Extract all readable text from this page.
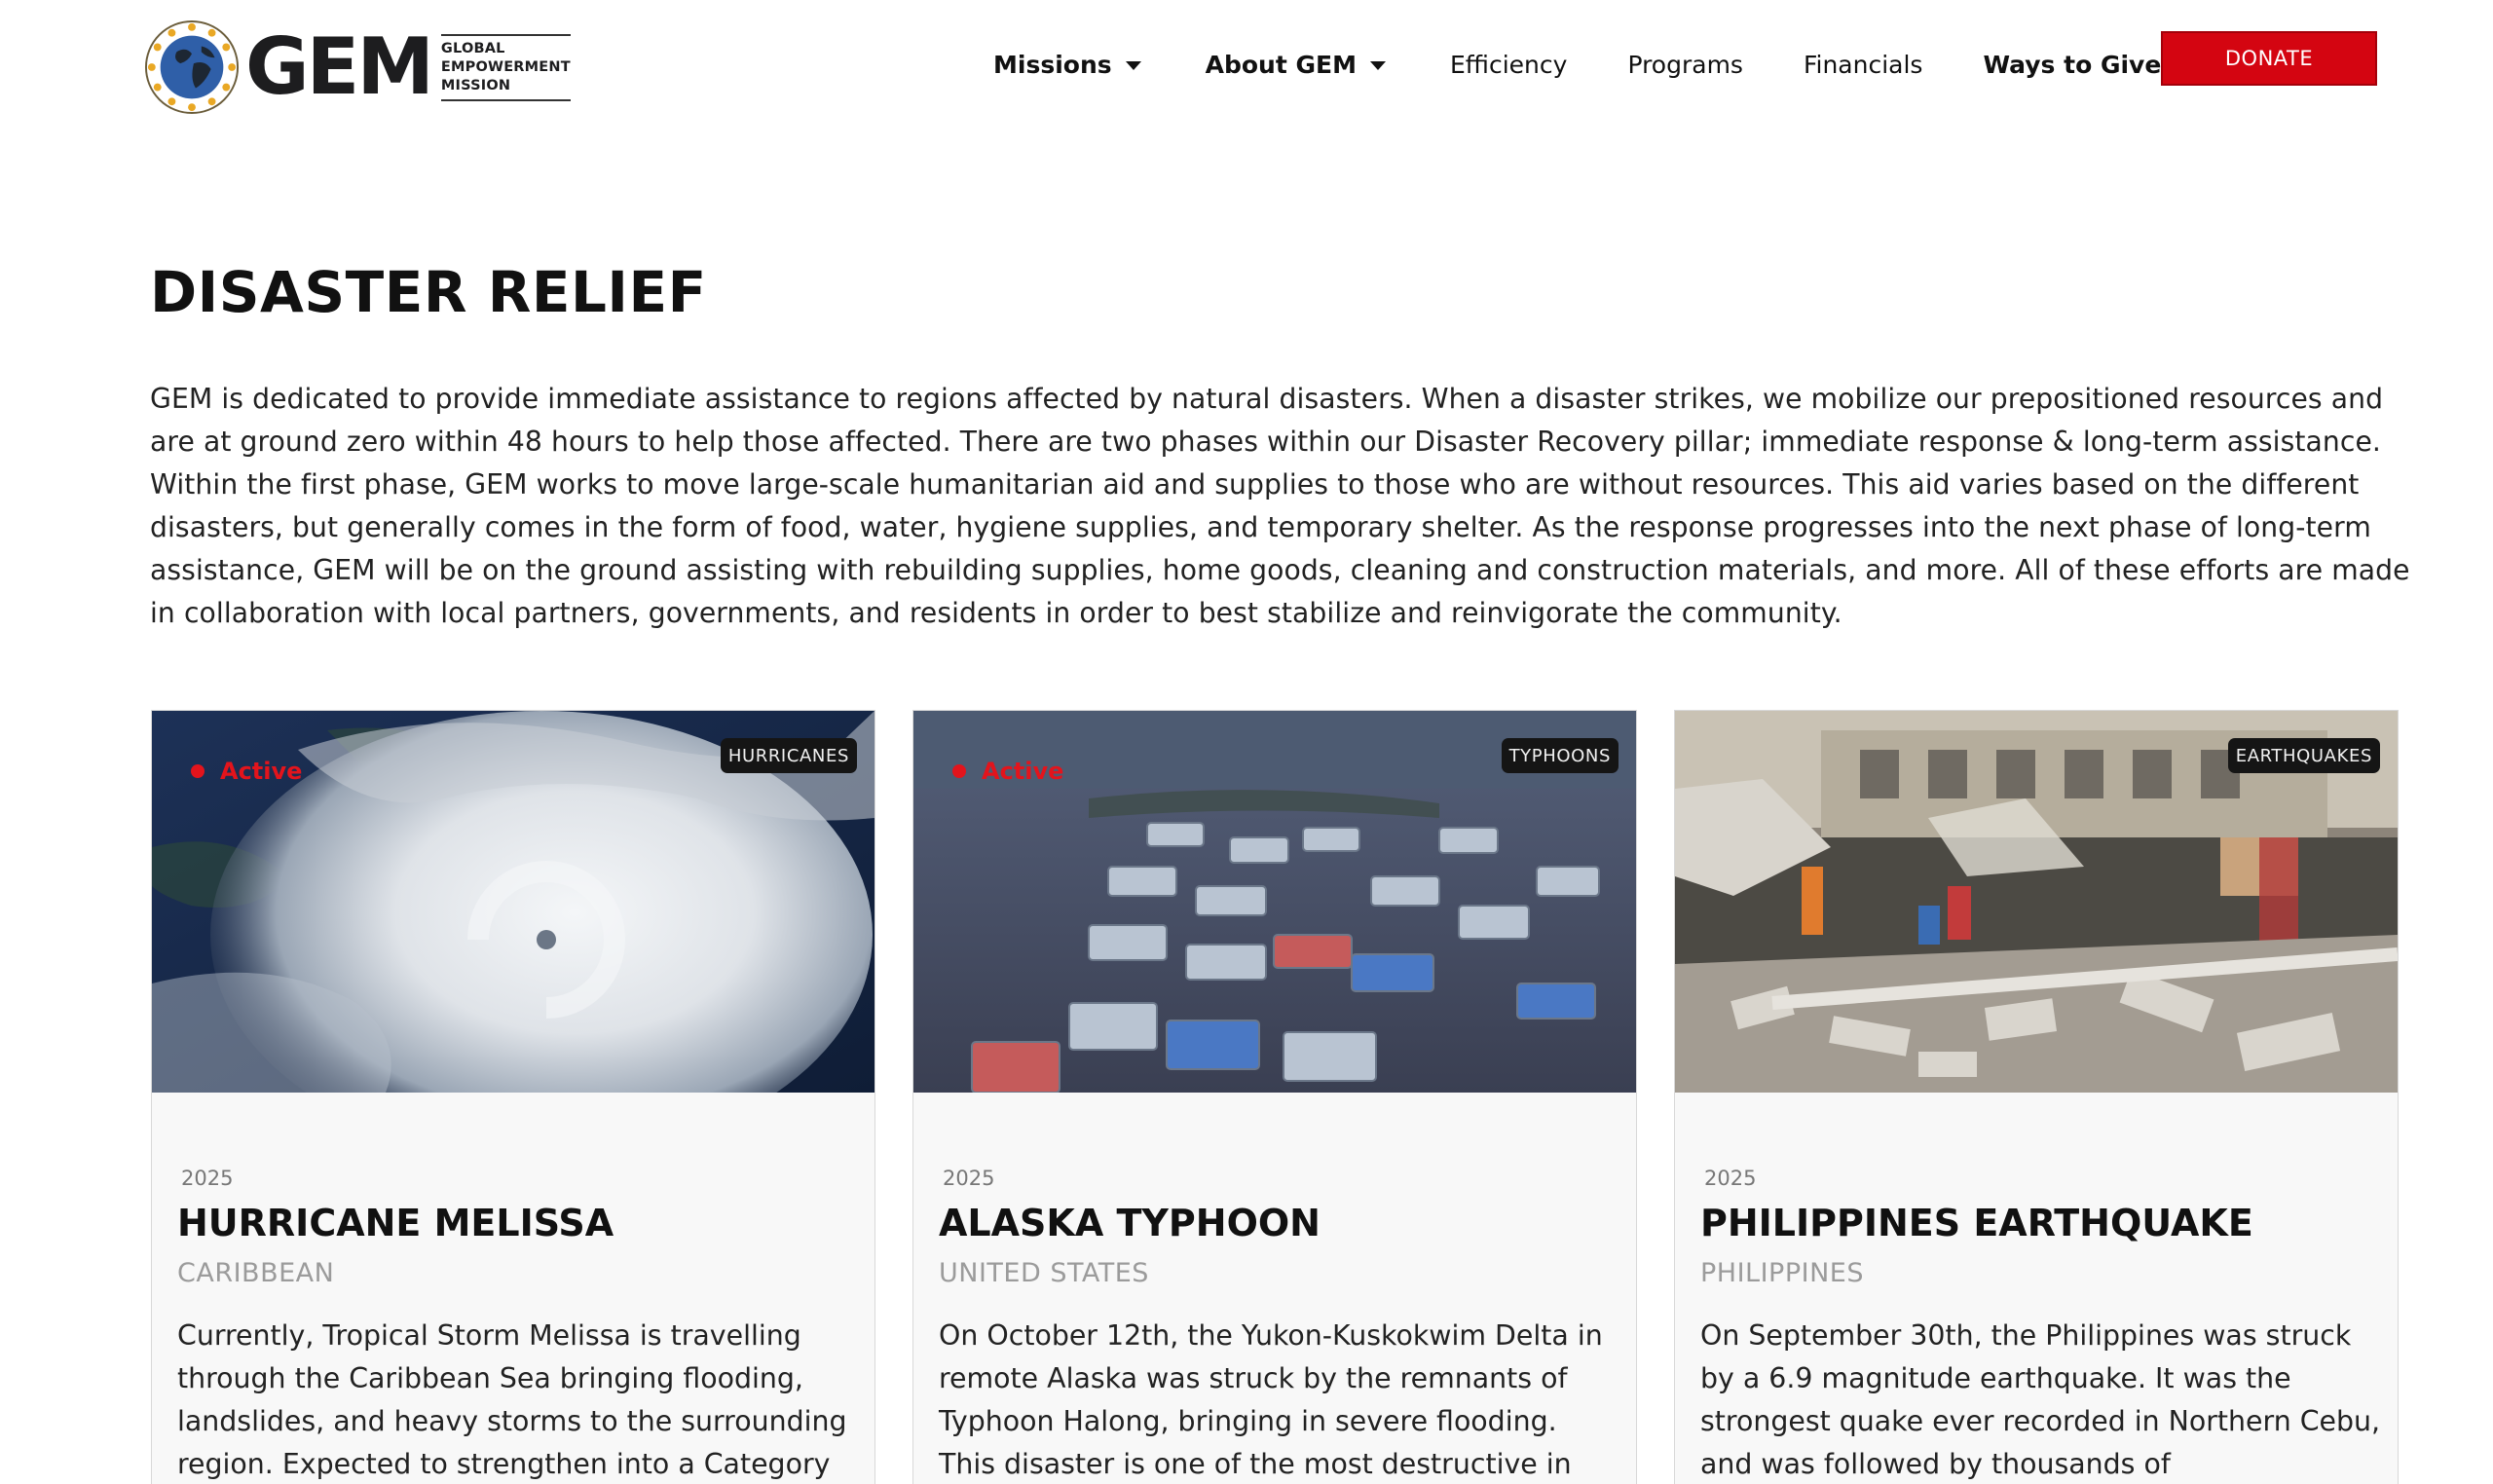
GEM GLOBAL
EMPOWERMENT
MISSION
Missions	About GEM	Efficiency Programs Financials Ways to Give	DONATE
DISASTER RELIEF

GEM is dedicated to provide immediate assistance to regions affected by natural disasters. When a disaster strikes, we mobilize our prepositioned resources and are at ground zero within 48 hours to help those affected. There are two phases within our Disaster Recovery pillar; immediate response & long-term assistance. Within the first phase, GEM works to move large-scale humanitarian aid and supplies to those who are without resources. This aid varies based on the different disasters, but generally comes in the form of food, water, hygiene supplies, and temporary shelter. As the response progresses into the next phase of long-term assistance, GEM will be on the ground assisting with rebuilding supplies, home goods, cleaning and construction materials, and more. All of these efforts are made in collaboration with local partners, governments, and residents in order to best stabilize and reinvigorate the community.

Active
HURRICANES
2025
HURRICANE MELISSA
CARIBBEAN

Currently, Tropical Storm Melissa is travelling through the Caribbean Sea bringing flooding, landslides, and heavy storms to the surrounding region. Expected to strengthen into a Category

Active
TYPHOONS
2025
ALASKA TYPHOON
UNITED STATES

On October 12th, the Yukon-Kuskokwim Delta in remote Alaska was struck by the remnants of Typhoon Halong, bringing in severe flooding. This disaster is one of the most destructive in

EARTHQUAKES
2025
PHILIPPINES EARTHQUAKE
PHILIPPINES

On September 30th, the Philippines was struck by a 6.9 magnitude earthquake. It was the strongest quake ever recorded in Northern Cebu, and was followed by thousands of
